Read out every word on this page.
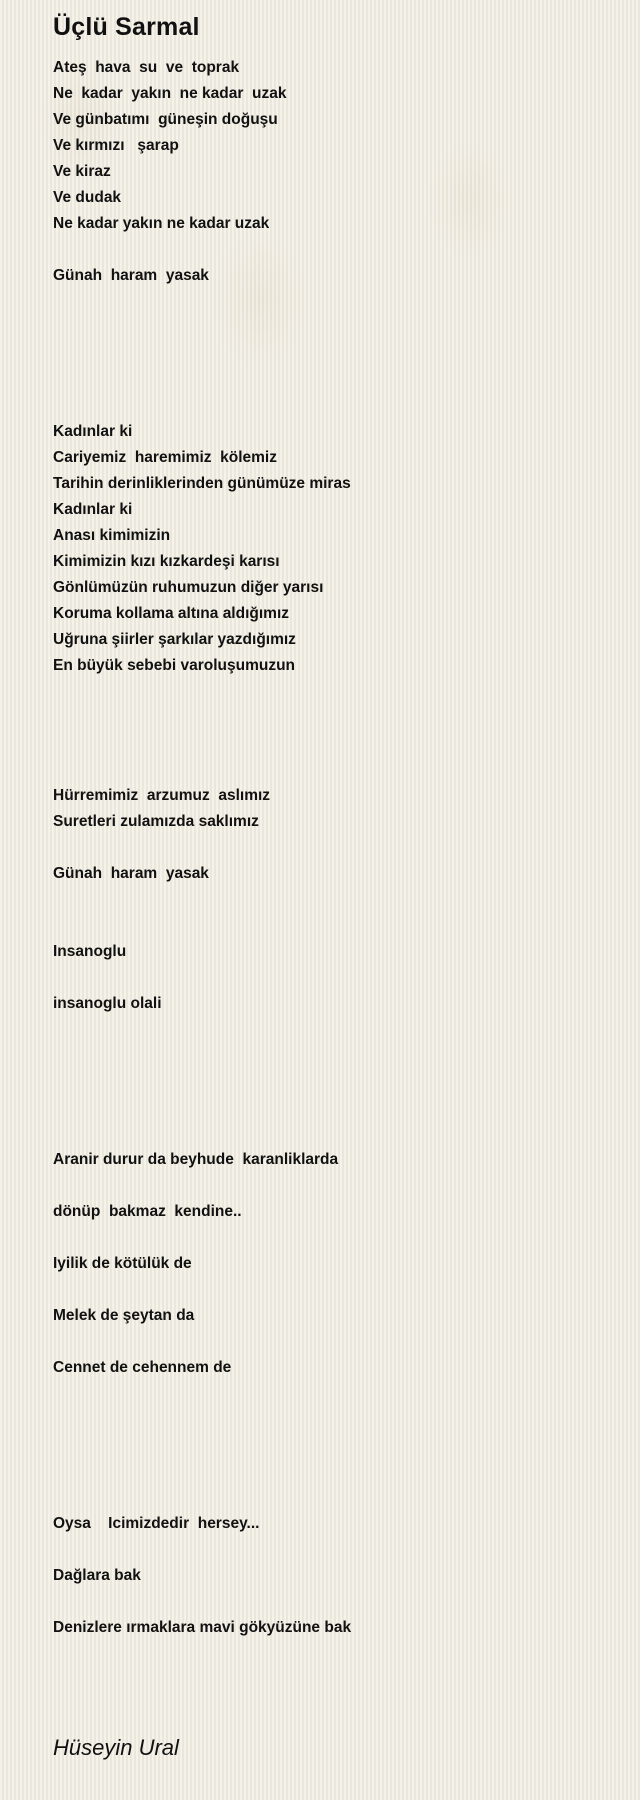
Üçlü Sarmal
Ateş  hava  su  ve  toprak
Ne  kadar  yakın  ne kadar  uzak
Ve günbatımı  güneşin doğuşu
Ve kırmızı   şarap
Ve kiraz
Ve dudak
Ne kadar yakın ne kadar uzak
Günah  haram  yasak
Kadınlar ki
Cariyemiz  haremimiz  kölemiz
Tarihin derinliklerinden günümüze miras
Kadınlar ki
Anası kimimizin
Kimimizin kızı kızkardeşi karısı
Gönlümüzün ruhumuzun diğer yarısı
Koruma kollama altına aldığımız
Uğruna şiirler şarkılar yazdığımız
En büyük sebebi varoluşumuzun
Hürremimiz  arzumuz  aslımız
Suretleri zulamızda saklımız
Günah  haram  yasak
Insanoglu
insanoglu olali
Aranir durur da beyhude  karanliklarda
dönüp  bakmaz  kendine..
Iyilik de kötülük de
Melek de şeytan da
Cennet de cehennem de
Oysa    Icimizdedir  hersey...
Dağlara bak
Denizlere ırmaklara mavi gökyüzüne bak
Hüseyin Ural
